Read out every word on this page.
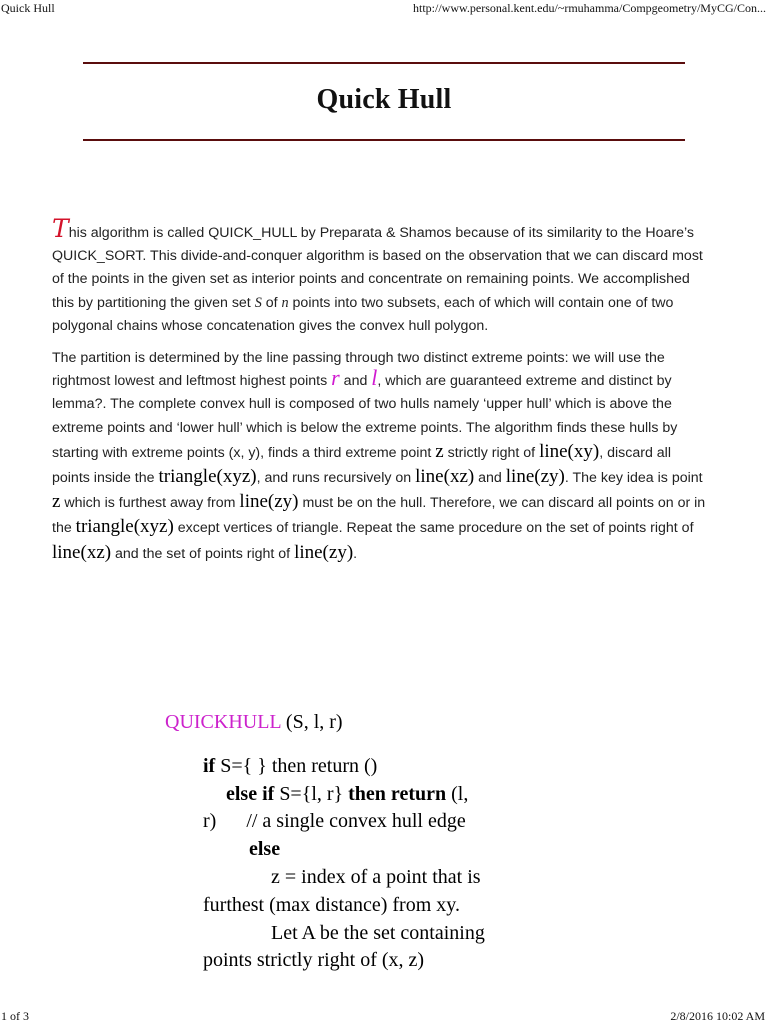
Quick Hull	http://www.personal.kent.edu/~rmuhamma/Compgeometry/MyCG/Con...
Quick Hull

This algorithm is called QUICK_HULL by Preparata & Shamos because of its similarity to the Hoare’s QUICK_SORT. This divide-and-conquer algorithm is based on the observation that we can discard most of the points in the given set as interior points and concentrate on remaining points. We accomplished this by partitioning the given set S of n points into two subsets, each of which will contain one of two polygonal chains whose concatenation gives the convex hull polygon.

The partition is determined by the line passing through two distinct extreme points: we will use the rightmost lowest and leftmost highest points r and l, which are guaranteed extreme and distinct by lemma?. The complete convex hull is composed of two hulls namely ‘upper hull’ which is above the extreme points and ‘lower hull’ which is below the extreme points. The algorithm finds these hulls by starting with extreme points (x, y), finds a third extreme point z strictly right of line(xy), discard all points inside the triangle(xyz), and runs recursively on line(xz) and line(zy). The key idea is point z which is furthest away from line(zy) must be on the hull. Therefore, we can discard all points on or in the triangle(xyz) except vertices of triangle. Repeat the same procedure on the set of points right of line(xz) and the set of points right of line(zy).

QUICKHULL (S, l, r)
if S={ } then return ()
else if S={l, r} then return (l,
r)      // a single convex hull edge
else
z = index of a point that is
furthest (max distance) from xy.
Let A be the set containing
points strictly right of (x, z)
1 of 3	2/8/2016 10:02 AM
